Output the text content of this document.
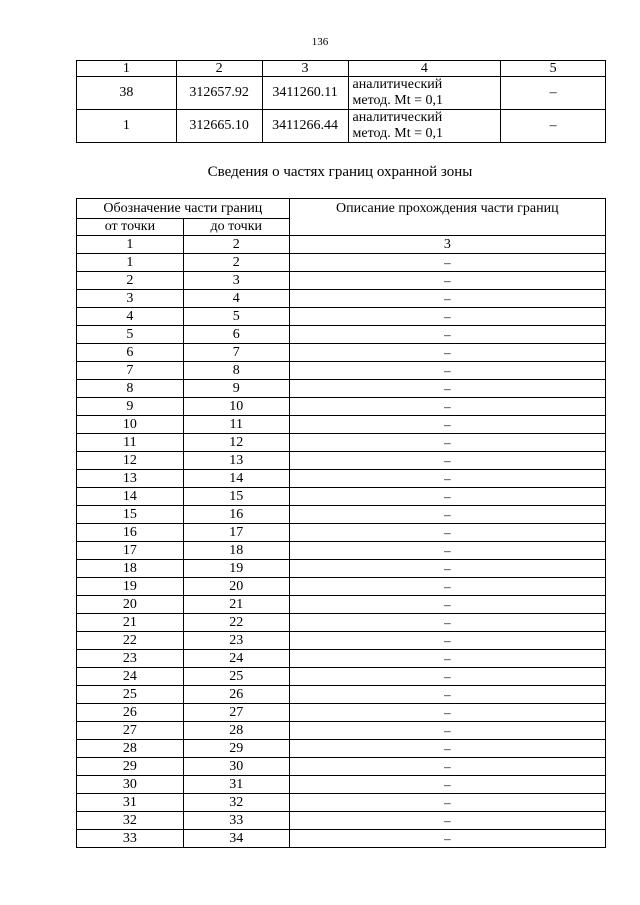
136
1	2	3	4	5
38	312657.92	3411260.11	аналитический
метод. Mt = 0,1	–
1	312665.10	3411266.44	аналитический
метод. Mt = 0,1	–
Сведения о частях границ охранной зоны
Обозначение части границ		Описание прохождения части границ
от точки	до точки	
1	2	3
1	2	–
2	3	–
3	4	–
4	5	–
5	6	–
6	7	–
7	8	–
8	9	–
9	10	–
10	11	–
11	12	–
12	13	–
13	14	–
14	15	–
15	16	–
16	17	–
17	18	–
18	19	–
19	20	–
20	21	–
21	22	–
22	23	–
23	24	–
24	25	–
25	26	–
26	27	–
27	28	–
28	29	–
29	30	–
30	31	–
31	32	–
32	33	–
33	34	–
